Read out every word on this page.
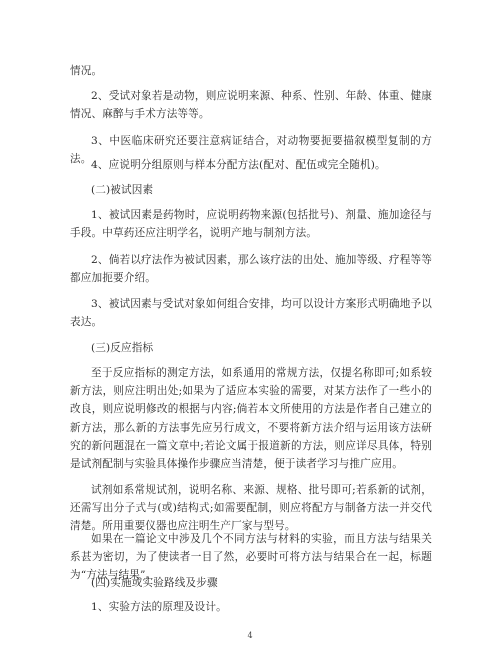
情况。

2、受试对象若是动物，则应说明来源、种系、性别、年龄、体重、健康情况、麻醉与手术方法等等。

3、中医临床研究还要注意病证结合，对动物要扼要描叙模型复制的方法。 4、应说明分组原则与样本分配方法(配对、配伍或完全随机)。

(二)被试因素

1、被试因素是药物时，应说明药物来源(包括批号)、剂量、施加途径与手段。中草药还应注明学名，说明产地与制剂方法。

2、倘若以疗法作为被试因素，那么该疗法的出处、施加等级、疗程等等都应加扼要介绍。

3、被试因素与受试对象如何组合安排，均可以设计方案形式明确地予以表达。

(三)反应指标

至于反应指标的测定方法，如系通用的常规方法，仅提名称即可;如系较新方法，则应注明出处;如果为了适应本实验的需要，对某方法作了一些小的改良，则应说明修改的根据与内容;倘若本文所使用的方法是作者自己建立的新方法，那么新的方法事先应另行成文，不要将新方法介绍与运用该方法研究的新问题混在一篇文章中;若论文属于报道新的方法，则应详尽具体，特别是试剂配制与实验具体操作步骤应当清楚，便于读者学习与推广应用。

试剂如系常规试剂，说明名称、来源、规格、批号即可;若系新的试剂，还需写出分子式与(或)结构式;如需要配制，则应将配方与制备方法一并交代清楚。所用重要仪器也应注明生产厂家与型号。

如果在一篇论文中涉及几个不同方法与材料的实验，而且方法与结果关系甚为密切，为了使读者一目了然，必要时可将方法与结果合在一起，标题为“方法与结果”。

(四)实施或实验路线及步骤

1、实验方法的原理及设计。

4
